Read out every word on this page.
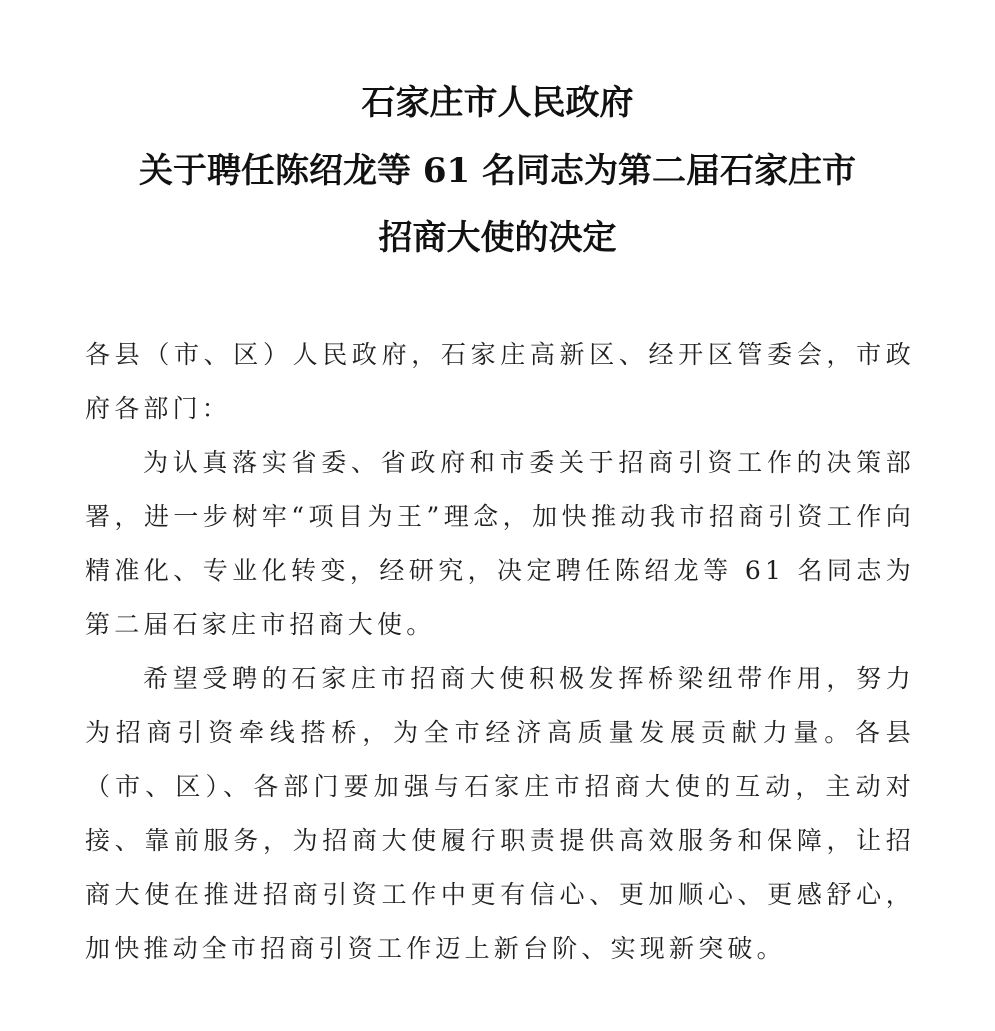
石家庄市人民政府
关于聘任陈绍龙等 61 名同志为第二届石家庄市
招商大使的决定
各县（市、区）人民政府，石家庄高新区、经开区管委会，市政府各部门：
为认真落实省委、省政府和市委关于招商引资工作的决策部署，进一步树牢“项目为王”理念，加快推动我市招商引资工作向精准化、专业化转变，经研究，决定聘任陈绍龙等 61 名同志为第二届石家庄市招商大使。
希望受聘的石家庄市招商大使积极发挥桥梁纽带作用，努力为招商引资牵线搭桥，为全市经济高质量发展贡献力量。各县（市、区）、各部门要加强与石家庄市招商大使的互动，主动对接、靠前服务，为招商大使履行职责提供高效服务和保障，让招商大使在推进招商引资工作中更有信心、更加顺心、更感舒心，加快推动全市招商引资工作迈上新台阶、实现新突破。
